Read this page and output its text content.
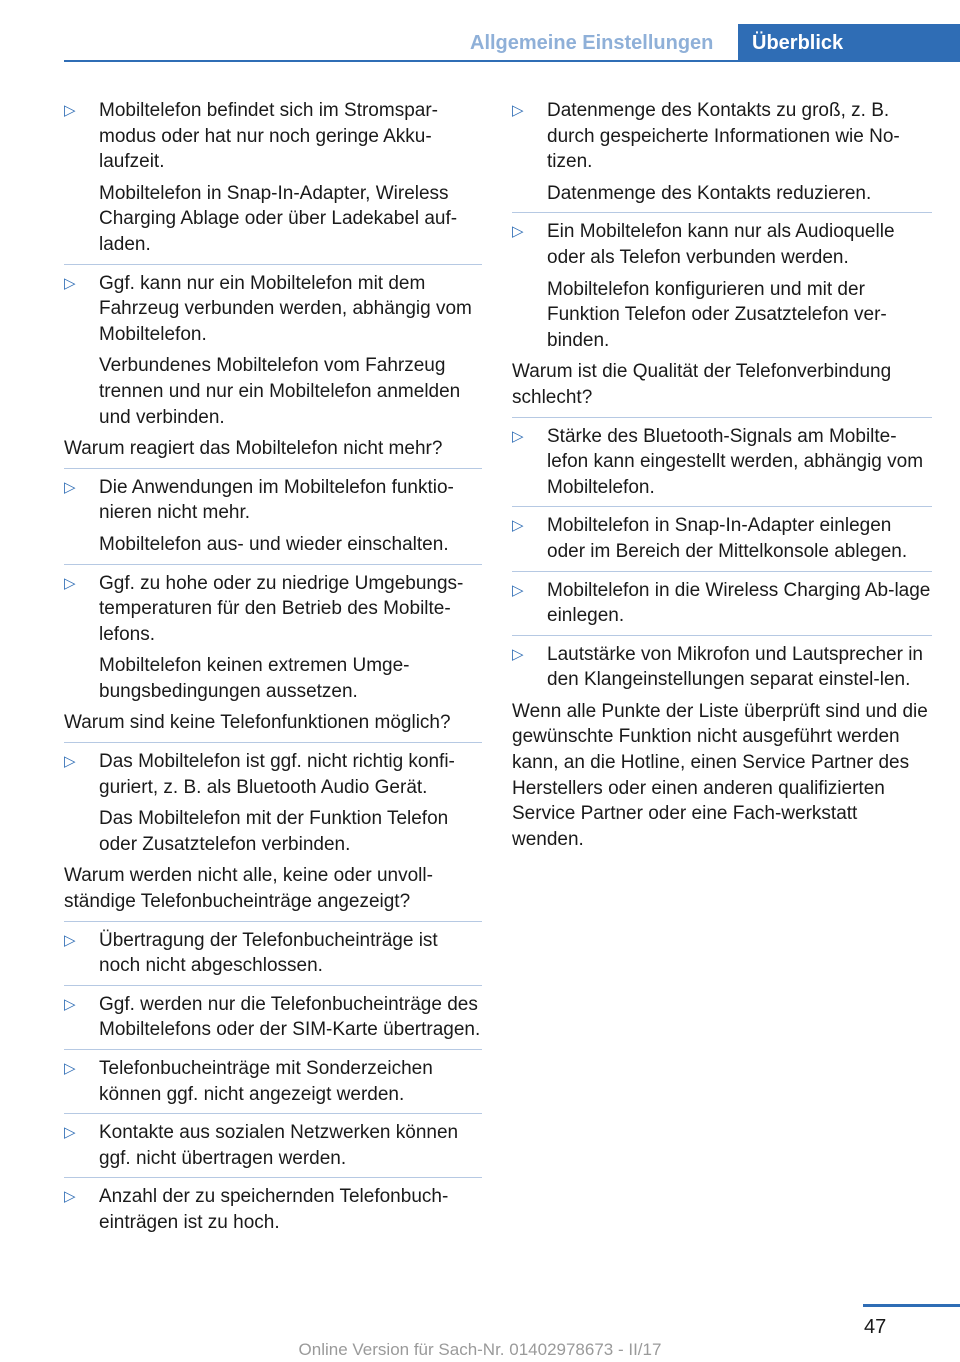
Allgemeine Einstellungen	Überblick
▷	Mobiltelefon befindet sich im Stromspar-modus oder hat nur noch geringe Akku-laufzeit.

Mobiltelefon in Snap-In-Adapter, Wireless Charging Ablage oder über Ladekabel auf-laden.

▷	Ggf. kann nur ein Mobiltelefon mit dem Fahrzeug verbunden werden, abhängig vom Mobiltelefon.

Verbundenes Mobiltelefon vom Fahrzeug trennen und nur ein Mobiltelefon anmelden und verbinden.

Warum reagiert das Mobiltelefon nicht mehr?

▷	Die Anwendungen im Mobiltelefon funktio-nieren nicht mehr.

Mobiltelefon aus- und wieder einschalten.

▷	Ggf. zu hohe oder zu niedrige Umgebungs-temperaturen für den Betrieb des Mobilte-lefons.

Mobiltelefon keinen extremen Umge-bungsbedingungen aussetzen.

Warum sind keine Telefonfunktionen möglich?

▷	Das Mobiltelefon ist ggf. nicht richtig konfi-guriert, z. B. als Bluetooth Audio Gerät.

Das Mobiltelefon mit der Funktion Telefon oder Zusatztelefon verbinden.

Warum werden nicht alle, keine oder unvoll-ständige Telefonbucheinträge angezeigt?

▷	Übertragung der Telefonbucheinträge ist noch nicht abgeschlossen.

▷	Ggf. werden nur die Telefonbucheinträge des Mobiltelefons oder der SIM-Karte übertragen.

▷	Telefonbucheinträge mit Sonderzeichen können ggf. nicht angezeigt werden.

▷	Kontakte aus sozialen Netzwerken können ggf. nicht übertragen werden.

▷	Anzahl der zu speichernden Telefonbuch-einträgen ist zu hoch.

▷	Datenmenge des Kontakts zu groß, z. B. durch gespeicherte Informationen wie No-tizen.

Datenmenge des Kontakts reduzieren.

▷	Ein Mobiltelefon kann nur als Audioquelle oder als Telefon verbunden werden.

Mobiltelefon konfigurieren und mit der Funktion Telefon oder Zusatztelefon ver-binden.

Warum ist die Qualität der Telefonverbindung schlecht?

▷	Stärke des Bluetooth-Signals am Mobilte-lefon kann eingestellt werden, abhängig vom Mobiltelefon.

▷	Mobiltelefon in Snap-In-Adapter einlegen oder im Bereich der Mittelkonsole ablegen.

▷	Mobiltelefon in die Wireless Charging Ab-lage einlegen.

▷	Lautstärke von Mikrofon und Lautsprecher in den Klangeinstellungen separat einstel-len.

Wenn alle Punkte der Liste überprüft sind und die gewünschte Funktion nicht ausgeführt werden kann, an die Hotline, einen Service Partner des Herstellers oder einen anderen qualifizierten Service Partner oder eine Fach-werkstatt wenden.

47
Online Version für Sach-Nr. 01402978673 - II/17
